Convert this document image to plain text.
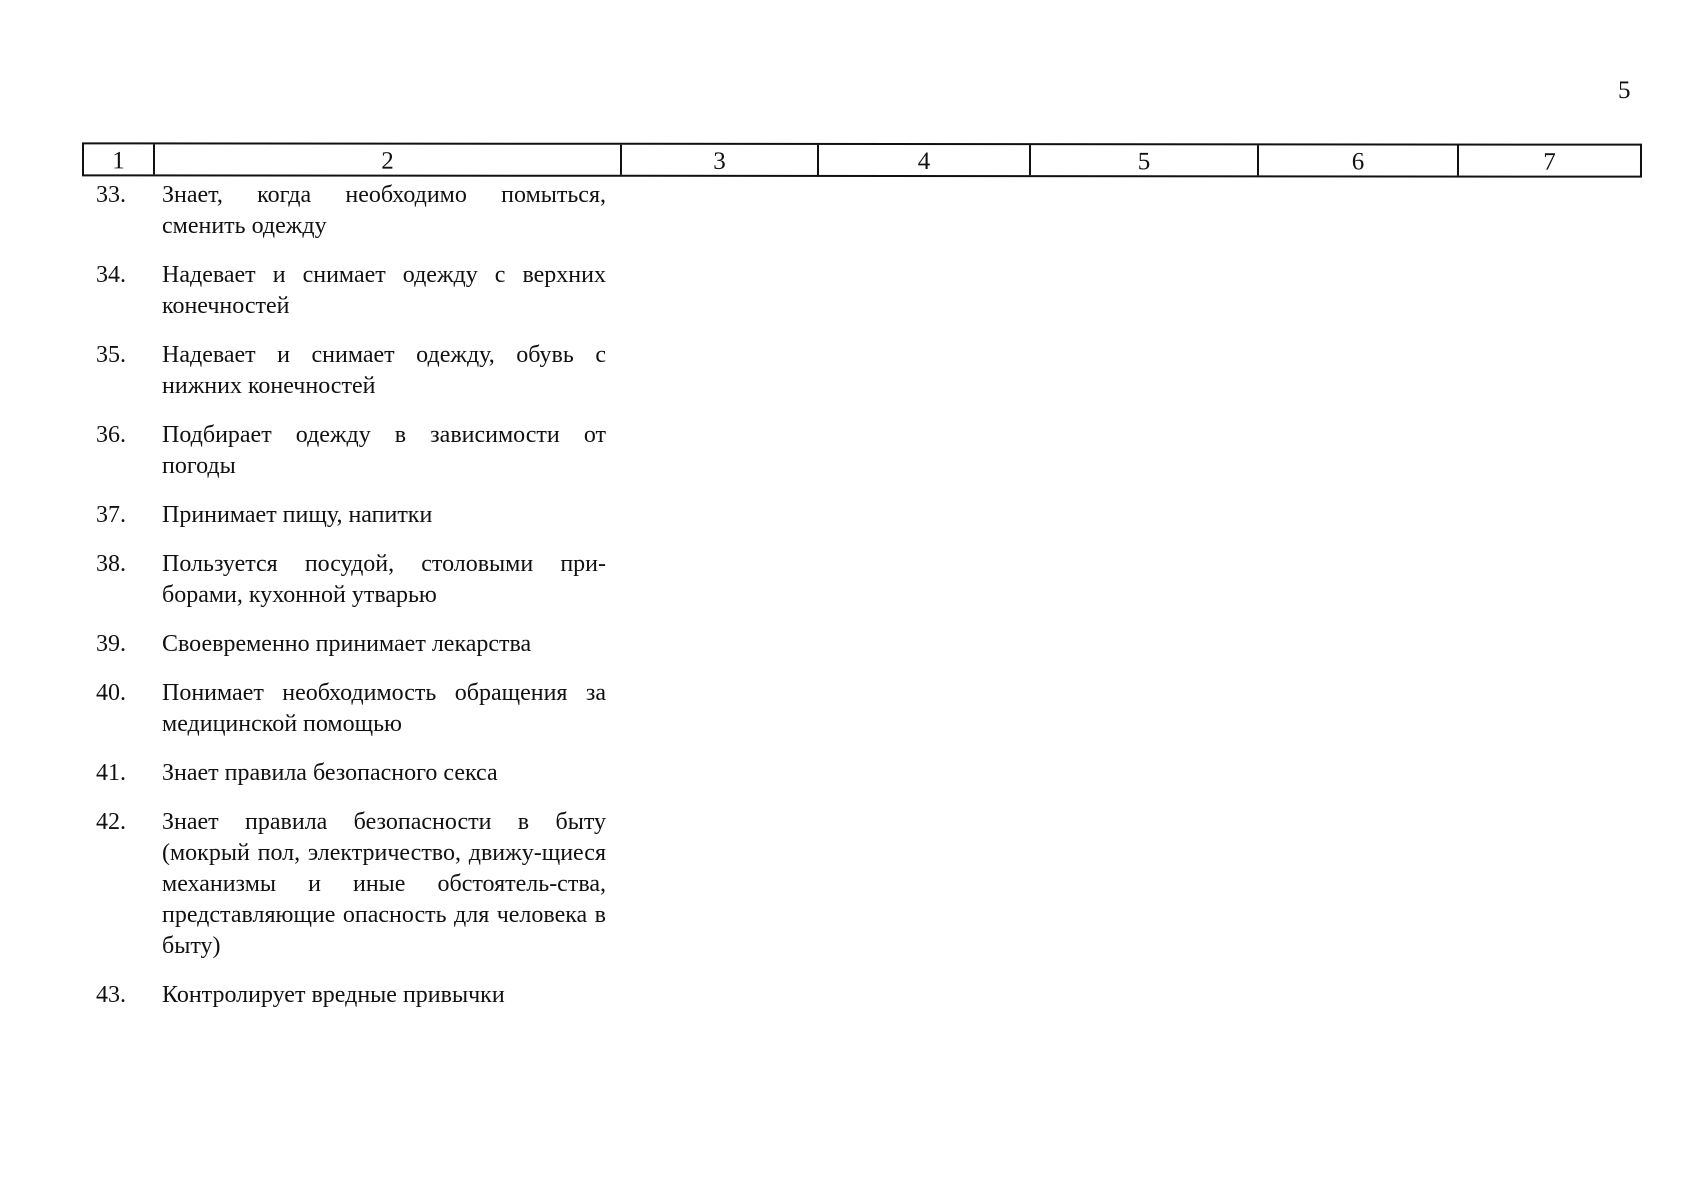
5
1	2	3	4	5	6	7
33.	Знает, когда необходимо помыться, сменить одежду
34.	Надевает и снимает одежду с верхних конечностей
35.	Надевает и снимает одежду, обувь с нижних конечностей
36.	Подбирает одежду в зависимости от погоды
37.	Принимает пищу, напитки
38.	Пользуется посудой, столовыми при-борами, кухонной утварью
39.	Своевременно принимает лекарства
40.	Понимает необходимость обращения за медицинской помощью
41.	Знает правила безопасного секса
42.	Знает правила безопасности в быту (мокрый пол, электричество, движу-щиеся механизмы и иные обстоятель-ства, представляющие опасность для человека в быту)
43.	Контролирует вредные привычки
